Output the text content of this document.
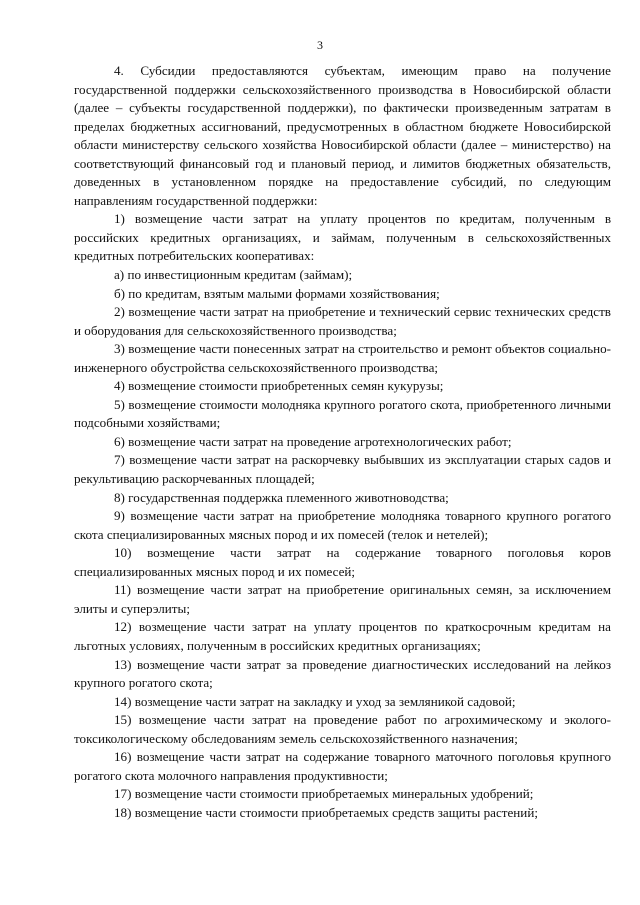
3

4. Субсидии предоставляются субъектам, имеющим право на получение государственной поддержки сельскохозяйственного производства в Новосибирской области (далее – субъекты государственной поддержки), по фактически произведенным затратам в пределах бюджетных ассигнований, предусмотренных в областном бюджете Новосибирской области министерству сельского хозяйства Новосибирской области (далее – министерство) на соответствующий финансовый год и плановый период, и лимитов бюджетных обязательств, доведенных в установленном порядке на предоставление субсидий, по следующим направлениям государственной поддержки:

1) возмещение части затрат на уплату процентов по кредитам, полученным в российских кредитных организациях, и займам, полученным в сельскохозяйственных кредитных потребительских кооперативах:

а) по инвестиционным кредитам (займам);

б) по кредитам, взятым малыми формами хозяйствования;

2) возмещение части затрат на приобретение и технический сервис технических средств и оборудования для сельскохозяйственного производства;

3) возмещение части понесенных затрат на строительство и ремонт объектов социально-инженерного обустройства сельскохозяйственного производства;

4) возмещение стоимости приобретенных семян кукурузы;

5) возмещение стоимости молодняка крупного рогатого скота, приобретенного личными подсобными хозяйствами;

6) возмещение части затрат на проведение агротехнологических работ;

7) возмещение части затрат на раскорчевку выбывших из эксплуатации старых садов и рекультивацию раскорчеванных площадей;

8) государственная поддержка племенного животноводства;

9) возмещение части затрат на приобретение молодняка товарного крупного рогатого скота специализированных мясных пород и их помесей (телок и нетелей);

10) возмещение части затрат на содержание товарного поголовья коров специализированных мясных пород и их помесей;

11) возмещение части затрат на приобретение оригинальных семян, за исключением элиты и суперэлиты;

12) возмещение части затрат на уплату процентов по краткосрочным кредитам на льготных условиях, полученным в российских кредитных организациях;

13) возмещение части затрат за проведение диагностических исследований на лейкоз крупного рогатого скота;

14) возмещение части затрат на закладку и уход за земляникой садовой;

15) возмещение части затрат на проведение работ по агрохимическому и эколого-токсикологическому обследованиям земель сельскохозяйственного назначения;

16) возмещение части затрат на содержание товарного маточного поголовья крупного рогатого скота молочного направления продуктивности;

17) возмещение части стоимости приобретаемых минеральных удобрений;

18) возмещение части стоимости приобретаемых средств защиты растений;
